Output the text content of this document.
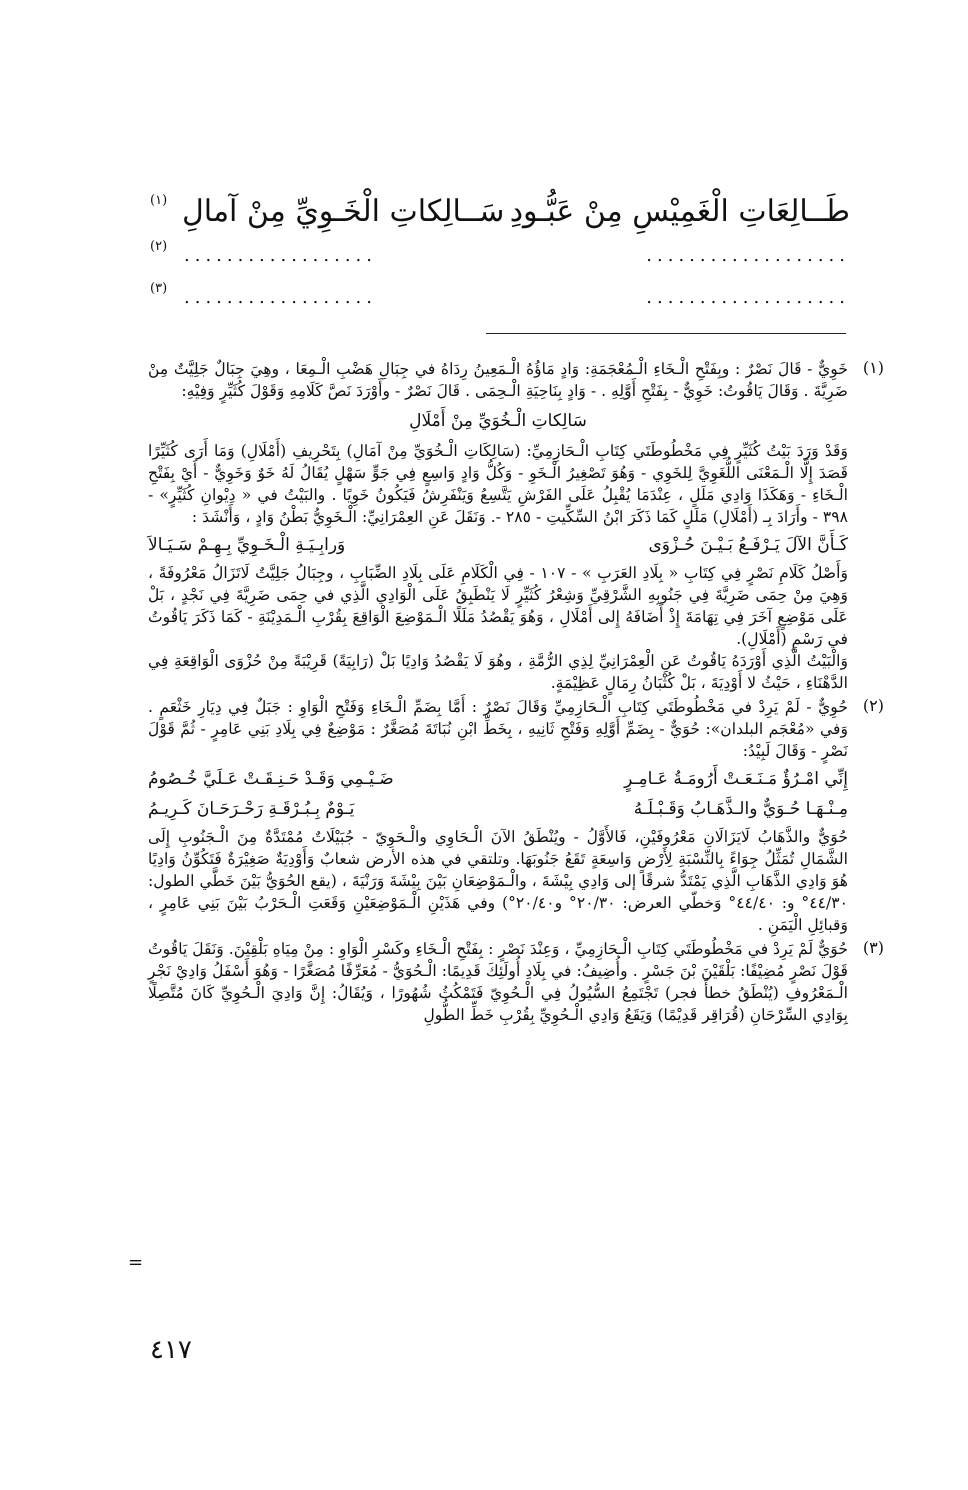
طَــالِعَاتِ الْغَمِيْسِ مِنْ عَبُّـودِ
سَــالِكاتِ الْخَـوِيِّ مِنْ آمالِ
(١)
...................
..................
(٢)
...................
..................
(٣)
(١)

خَوِيٌّ - قَالَ نَصْرٌ : وبِفَتْحِ الْـخَاءِ الْـمُعْجَمَةِ: وَادٍ مَاؤُهُ الْـمَعِينُ رِدَاهُ في جِبَالِ هَضْبِ الْـمِعَا ، وهِيَ جِبَالٌ جَلِيَّتٌ مِنْ ضَرِيَّةَ . وَقَالَ يَاقُوتُ: خَوِيٌّ - بِفَتْحِ أَوَّلِهِ . - وَادٍ بِنَاحِيَةِ الْـحِمَى . قَالَ نَصْرٌ - وأَوْرَدَ نَصَّ كَلَامِهِ وَقَوْلَ كُثَيِّرٍ وَفِيْهِ:

سَالِكاتِ الْـخُوَيِّ مِنْ أَمْلَالِ

وَقَدْ وَرَدَ بَيْتُ كُثَيِّرٍ فِي مَخْطُوطَتَي كِتَابِ الْـحَازِمِيِّ: (سَالِكَاتِ الْـخُوَيِّ مِنْ آمَالِ) بِتَحْرِيفِ (أَمْلَالِ) وَمَا أَرَى كُثَيِّرًا قَصَدَ إِلَّا الْـمَعْنَى اللُّغَوِيَّ لِلخَوِي - وَهُوَ تَصْغِيرُ الْـخَوِ - وَكُلُّ وَادٍ وَاسِعٍ فِي جَوٍّ سَهْلٍ يُقَالُ لَهُ خَوٌ وَخَوِيٌّ - أَيْ بِفَتْحِ الْـخَاءِ - وَهَكَذَا وَادِي مَلَلٍ ، عِنْدَمَا يُقْبِلُ عَلَى الفَرْشِ يَتَّسِعُ وَيَنْفَرِشُ فَيَكُونُ خَوِيًا . والبَيْتُ في « دِيْوانِ كُثَيِّرٍ» - ٣٩٨ - وأَرَادَ بِـ (أَمْلَالِ) مَلَلٍ كَمَا ذَكَرَ ابْنُ السِّكِّيتِ - ٢٨٥ -. وَنَقَلَ عَنِ العِمْرَانِيِّ: الْـخَوِيُّ بَطْنُ وَادٍ ، وَأَنْشَدَ :

كَـأَنَّ الآلَ يَـرْفَـعُ بَـيْـنَ حُـزْوَى
وَرابِـيَـةِ الْـخَـوِيِّ بِـهِـمْ سَـيَـالاَ

وَأَصْلُ كَلَامِ نَصْرٍ فِي كِتَابِ « بِلَادِ العَرَبِ » - ١٠٧ - فِي الْكَلَامِ عَلَى بِلَادِ الضِّبَابِ ، وجِبَالُ جَلِيَّتٌ لَاتَزَالُ مَعْرُوفَةً ، وَهِيَ مِنْ حِمَى ضَرِيَّةَ فِي جَنُوبِهِ الشَّرْقِيِّ وَشِعْرُ كُثَيِّرٍ لَا يَنْطَبِقُ عَلَى الْوَادِي الَّذِي في حِمَى ضَرِيَّةَ فِي نَجْدٍ ، بَلْ عَلَى مَوْضِعٍ آخَرَ فِي تِهَامَةَ إِذْ أَضَافَهُ إِلى أَمْلَالِ ، وَهُوَ يَقْصُدُ مَلَلًا الْـمَوْضِعَ الْوَاقِعَ بِقُرْبِ الْـمَدِيْنَةِ - كَمَا ذَكَرَ يَاقُوتُ في رَسْمِ (أَمْلَالِ).

وَالْبَيْتُ الَّذِي أَوْرَدَهُ يَاقُوتُ عَنِ الْعِمْرَانِيِّ لِذِي الرُّمَّةِ ، وهُوَ لَا يَقْصُدُ وَادِيًا بَلْ (رَابِيَةً) قَرِيْبَةً مِنْ حُزْوَى الْوَاقِعَةِ فِي الدَّهْنَاءِ ، حَيْثُ لا أَوْدِيَةَ ، بَلْ كُثْبَانُ رِمَالٍ عَظِيْمَةٍ.

(٢)

حُوِيٌّ - لَمْ يَرِدْ في مَخْطُوطَتَي كِتَابِ الْـحَازِمِيِّ وَقَالَ نَصْرٌ : أَمَّا بِضَمِّ الْـخَاءِ وَفَتْحِ الْوَاوِ : جَبَلٌ فِي دِيَارِ خَثْعَمٍ . وَفي «مُعْجَم البلدان»: حُوَيٌّ - بِضَمِّ أَوَّلِهِ وَفَتْحِ ثَانِيهِ ، بِخَطِّ ابْنِ نُبَاتَةَ مُصَغَّرٌ : مَوْضِعٌ فِي بِلَادِ بَنِي عَامِرٍ - ثُمَّ قَوْلَ نَصْرٍ - وَقَالَ لَبِيْدُ:

إِنِّي امْـرُؤٌ مَـنَـعَـتْ أَرُومَـةُ عَـامِـرٍ
ضَـيْـمِي وَقَـدْ حَـنِـقَـتْ عَـلَيَّ خُـصُومُ
مِـنْـهَـا حُـوَيٌّ والـذَّهَـابُ وَقَـبْـلَـهُ
يَـوْمٌ بِـبُـرْقَـةِ رَحْـرَحَـانَ كَـرِيـمُ

حُوَيٌّ والذَّهَابُ لَايَزَالَانِ مَعْرُوفَيْنِ، فَالأَوَّلُ - ويُنْطَقُ الآنَ الْـحَاوِي والْـحَوِيّ - جُبَيْلَاتٌ مُمْتَدَّةٌ مِنَ الْـجَنُوبِ إِلَى الشَّمَالِ تُمَثِّلُ جِوَاءً بِالنِّسْبَةِ لِأَرْضٍ وَاسِعَةٍ تَقَعُ جَنُوبَهَا. وتلتقي في هذه الأرض شعابٌ وَأَوْدِيَةٌ صَغِيْرَةٌ فَتَكُوِّنُ وَادِيًا هُوَ وَادِي الذَّهَابِ الَّذِي يَمْتَدُّ شرقًا إلى وَادِي بِيْشَةَ ، والْـمَوْضِعَانِ بَيْنَ بِيْشَةَ وَرَنْيَةَ ، (يقع الحُوَيُّ بَيْنَ خَطَّي الطول: ٤٤/٣٠° و: ٤٤/٤٠° وَخطّي العرض: ٢٠/٣٠° و٢٠/٤٠°) وفي هَذَيْنِ الْـمَوْضِعَيْنِ وَقَعَتِ الْـحَرْبُ بَيْنَ بَنِي عَامِرٍ ، وَقبائِلِ الْيَمَنِ .

(٣)

حُوَيٌّ لَمْ يَرِدْ في مَخْطُوطَتَي كِتَابِ الْـحَازِمِيِّ ، وَعِنْدَ نَصْرٍ : بِفَتْحِ الْـخَاءِ وكَسْرِ الْوَاوِ : مِنْ مِيَاهِ بَلْقِيْنَ. وَنَقَلَ يَاقُوتُ قَوْلَ نَصْرٍ مُضِيْفًا: بَلْقَيْنَ بْنَ جَسْرٍ . وأُضِيفُ: في بِلَادِ أُولَئِكَ قَدِيمًا: الْـحُوَيُّ - مُعَرِّفًا مُصَغَّرًا - وَهُوَ أَسْفَلُ وَادِيْ نَجْرٍ الْـمَعْرُوفِ (يُنْطَقُ خطأً فجر) تَجْتَمِعُ السُّيُولُ فِي الْـحُوِيّ فَتَمْكُثُ شُهُورًا ، وَيُقَالُ: إِنَّ وَادِيَ الْـحُوِيِّ كَانَ مُتَّصِلًا بِوَادِي السِّرْحَانِ (قُرَاقِر قَدِيْمًا) وَيَقَعُ وَادِي الْـحُوِيِّ بِقُرْبِ خَطِّ الطُّولِ

=
٤١٧
